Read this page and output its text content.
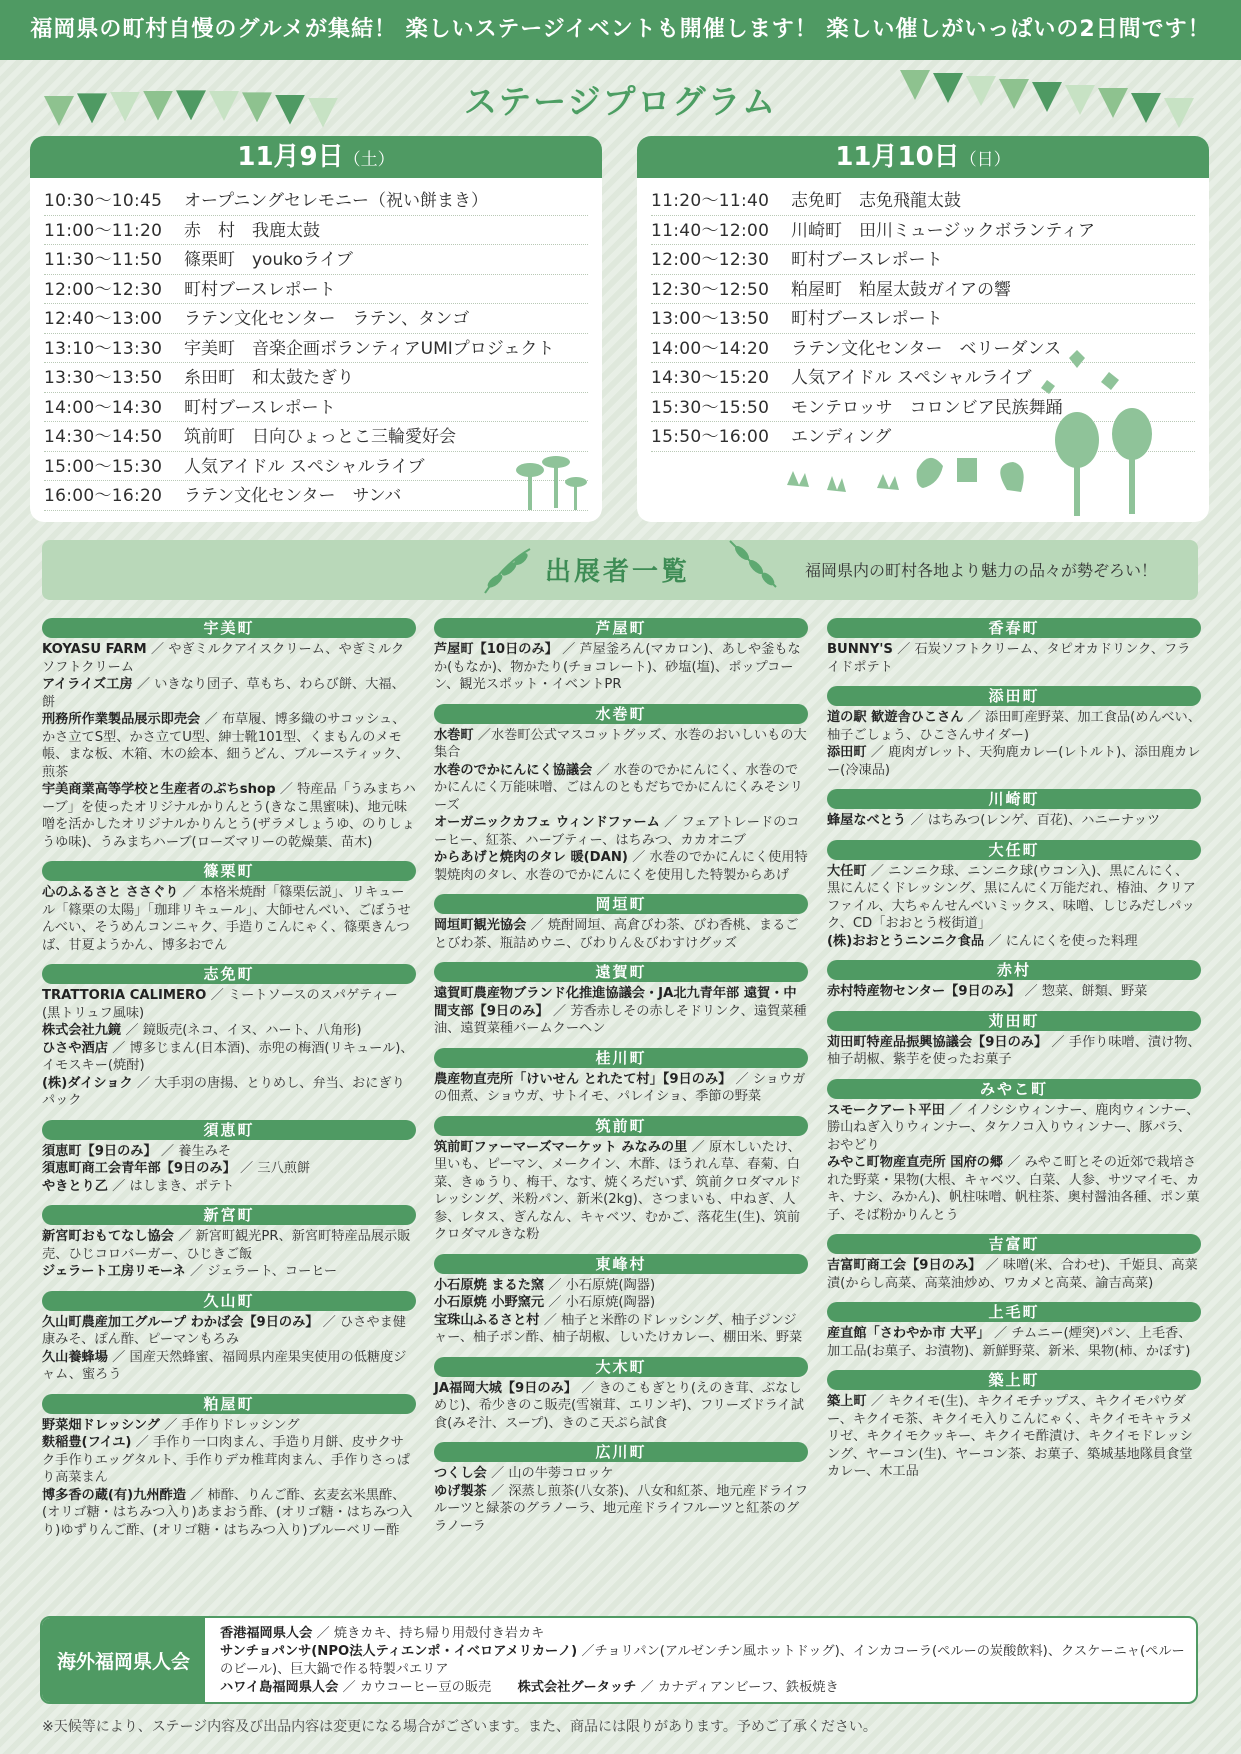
福岡県の町村自慢のグルメが集結！ 楽しいステージイベントも開催します！ 楽しい催しがいっぱいの2日間です！
ステージプログラム
11月9日（土）
10:30～10:45 オープニングセレモニー（祝い餅まき）
11:00～11:20 赤　村　我鹿太鼓
11:30～11:50 篠栗町　youkoライブ
12:00～12:30 町村ブースレポート
12:40～13:00 ラテン文化センター　ラテン、タンゴ
13:10～13:30 宇美町　音楽企画ボランティアUMIプロジェクト
13:30～13:50 糸田町　和太鼓たぎり
14:00～14:30 町村ブースレポート
14:30～14:50 筑前町　日向ひょっとこ三輪愛好会
15:00～15:30 人気アイドル スペシャルライブ
16:00～16:20 ラテン文化センター　サンバ
11月10日（日）
11:20～11:40 志免町　志免飛龍太鼓
11:40～12:00 川崎町　田川ミュージックボランティア
12:00～12:30 町村ブースレポート
12:30～12:50 粕屋町　粕屋太鼓ガイアの響
13:00～13:50 町村ブースレポート
14:00～14:20 ラテン文化センター　ベリーダンス
14:30～15:20 人気アイドル スペシャルライブ
15:30～15:50 モンテロッサ　コロンビア民族舞踊
15:50～16:00 エンディング
出展者一覧	福岡県内の町村各地より魅力の品々が勢ぞろい！
宇美町
KOYASU FARM ／ やぎミルクアイスクリーム、やぎミルクソフトクリーム
アイライズ工房 ／ いきなり団子、草もち、わらび餅、大福、餅
刑務所作業製品展示即売会 ／ 布草履、博多織のサコッシュ、かさ立てS型、かさ立てU型、紳士靴101型、くまもんのメモ帳、まな板、木箱、木の絵本、細うどん、ブルースティック、煎茶
宇美商業高等学校と生産者のぷちshop ／ 特産品「うみまちハーブ」を使ったオリジナルかりんとう(きなこ黒蜜味)、地元味噌を活かしたオリジナルかりんとう(ザラメしょうゆ、のりしょうゆ味)、うみまちハーブ(ローズマリーの乾燥葉、苗木)
篠栗町
心のふるさと ささぐり ／ 本格米焼酎「篠栗伝説」、リキュール「篠栗の太陽」「珈琲リキュール」、大師せんべい、ごぼうせんべい、そうめんコンニャク、手造りこんにゃく、篠栗きんつば、甘夏ようかん、博多おでん
志免町
TRATTORIA CALIMERO ／ ミートソースのスパゲティー(黒トリュフ風味)
株式会社九鏡 ／ 鏡販売(ネコ、イヌ、ハート、八角形)
ひさや酒店 ／ 博多じまん(日本酒)、赤兜の梅酒(リキュール)、イモスキー(焼酎)
(株)ダイショク ／ 大手羽の唐揚、とりめし、弁当、おにぎりパック
須恵町
須恵町【9日のみ】 ／ 養生みそ
須恵町商工会青年部【9日のみ】 ／ 三八煎餅
やきとり乙 ／ はしまき、ポテト
新宮町
新宮町おもてなし協会 ／ 新宮町観光PR、新宮町特産品展示販売、ひじコロバーガー、ひじきご飯
ジェラート工房リモーネ ／ ジェラート、コーヒー
久山町
久山町農産加工グループ わかば会【9日のみ】 ／ ひさやま健康みそ、ぽん酢、ピーマンもろみ
久山養蜂場 ／ 国産天然蜂蜜、福岡県内産果実使用の低糖度ジャム、蜜ろう
粕屋町
野菜畑ドレッシング ／ 手作りドレッシング
麩稲豊(フイユ) ／ 手作り一口肉まん、手造り月餅、皮サクサク手作りエッグタルト、手作りデカ椎茸肉まん、手作りさっぱり高菜まん
博多香の蔵(有)九州酢造 ／ 柿酢、りんご酢、玄麦玄米黒酢、(オリゴ糖・はちみつ入り)あまおう酢、(オリゴ糖・はちみつ入り)ゆずりんご酢、(オリゴ糖・はちみつ入り)ブルーベリー酢
芦屋町
芦屋町【10日のみ】 ／ 芦屋釜ろん(マカロン)、あしや釜もなか(もなか)、物かたり(チョコレート)、砂塩(塩)、ポップコーン、観光スポット・イベントPR
水巻町
水巻町 ／水巻町公式マスコットグッズ、水巻のおいしいもの大集合
水巻のでかにんにく協議会 ／ 水巻のでかにんにく、水巻のでかにんにく万能味噌、ごはんのともだちでかにんにくみそシリーズ
オーガニックカフェ ウィンドファーム ／ フェアトレードのコーヒー、紅茶、ハーブティー、はちみつ、カカオニブ
からあげと焼肉のタレ 暖(DAN) ／ 水巻のでかにんにく使用特製焼肉のタレ、水巻のでかにんにくを使用した特製からあげ
岡垣町
岡垣町観光協会 ／ 焼酎岡垣、高倉びわ茶、びわ香桃、まるごとびわ茶、瓶詰めウニ、びわりん＆びわすけグッズ
遠賀町
遠賀町農産物ブランド化推進協議会・JA北九青年部 遠賀・中間支部【9日のみ】 ／ 芳香赤しその赤しそドリンク、遠賀菜種油、遠賀菜種バームクーヘン
桂川町
農産物直売所「けいせん とれたて村」【9日のみ】 ／ ショウガの佃煮、ショウガ、サトイモ、パレイショ、季節の野菜
筑前町
筑前町ファーマーズマーケット みなみの里 ／ 原木しいたけ、里いも、ピーマン、メークイン、木酢、ほうれん草、春菊、白菜、きゅうり、梅干、なす、焼くろだいず、筑前クロダマルドレッシング、米粉パン、新米(2kg)、さつまいも、中ねぎ、人参、レタス、ぎんなん、キャベツ、むかご、落花生(生)、筑前クロダマルきな粉
東峰村
小石原焼 まるた窯 ／ 小石原焼(陶器)
小石原焼 小野窯元 ／ 小石原焼(陶器)
宝珠山ふるさと村 ／ 柚子と米酢のドレッシング、柚子ジンジャー、柚子ポン酢、柚子胡椒、しいたけカレー、棚田米、野菜
大木町
JA福岡大城【9日のみ】 ／ きのこもぎとり(えのき茸、ぶなしめじ)、希少きのこ販売(雪嶺茸、エリンギ)、フリーズドライ試食(みそ汁、スープ)、きのこ天ぷら試食
広川町
つくし会 ／ 山の牛蒡コロッケ
ゆげ製茶 ／ 深蒸し煎茶(八女茶)、八女和紅茶、地元産ドライフルーツと緑茶のグラノーラ、地元産ドライフルーツと紅茶のグラノーラ
香春町
BUNNY'S ／ 石炭ソフトクリーム、タピオカドリンク、フライドポテト
添田町
道の駅 歓遊舎ひこさん ／ 添田町産野菜、加工食品(めんべい、柚子ごしょう、ひこさんサイダー)
添田町 ／ 鹿肉ガレット、天狗鹿カレー(レトルト)、添田鹿カレー(冷凍品)
川崎町
蜂屋なべとう ／ はちみつ(レンゲ、百花)、ハニーナッツ
大任町
大任町 ／ ニンニク球、ニンニク球(ウコン入)、黒にんにく、黒にんにくドレッシング、黒にんにく万能だれ、椿油、クリアファイル、大ちゃんせんべいミックス、味噌、しじみだしパック、CD「おおとう桜街道」
(株)おおとうニンニク食品 ／ にんにくを使った料理
赤村
赤村特産物センター【9日のみ】 ／ 惣菜、餅類、野菜
苅田町
苅田町特産品振興協議会【9日のみ】 ／ 手作り味噌、漬け物、柚子胡椒、紫芋を使ったお菓子
みやこ町
スモークアート平田 ／ イノシシウィンナー、鹿肉ウィンナー、勝山ねぎ入りウィンナー、タケノコ入りウィンナー、豚バラ、おやどり
みやこ町物産直売所 国府の郷 ／ みやこ町とその近郊で栽培された野菜・果物(大根、キャベツ、白菜、人参、サツマイモ、カキ、ナシ、みかん)、帆柱味噌、帆柱茶、奥村醤油各種、ポン菓子、そば粉かりんとう
吉富町
吉富町商工会【9日のみ】 ／ 味噌(米、合わせ)、千姫貝、高菜漬(からし高菜、高菜油炒め、ワカメと高菜、諭吉高菜)
上毛町
産直館「さわやか市 大平」 ／ チムニー(煙突)パン、上毛香、加工品(お菓子、お漬物)、新鮮野菜、新米、果物(柿、かぼす)
築上町
築上町 ／ キクイモ(生)、キクイモチップス、キクイモパウダー、キクイモ茶、キクイモ入りこんにゃく、キクイモキャラメリゼ、キクイモクッキー、キクイモ酢漬け、キクイモドレッシング、ヤーコン(生)、ヤーコン茶、お菓子、築城基地隊員食堂カレー、木工品
海外福岡県人会
香港福岡県人会 ／ 焼きカキ、持ち帰り用殻付き岩カキ
サンチョパンサ(NPO法人ティエンポ・イベロアメリカーノ) ／チョリパン(アルゼンチン風ホットドッグ)、インカコーラ(ペルーの炭酸飲料)、クスケーニャ(ペルーのビール)、巨大鍋で作る特製パエリア
ハワイ島福岡県人会 ／ カウコーヒー豆の販売　　 株式会社グータッチ ／ カナディアンビーフ、鉄板焼き
※天候等により、ステージ内容及び出品内容は変更になる場合がございます。また、商品には限りがあります。予めご了承ください。
